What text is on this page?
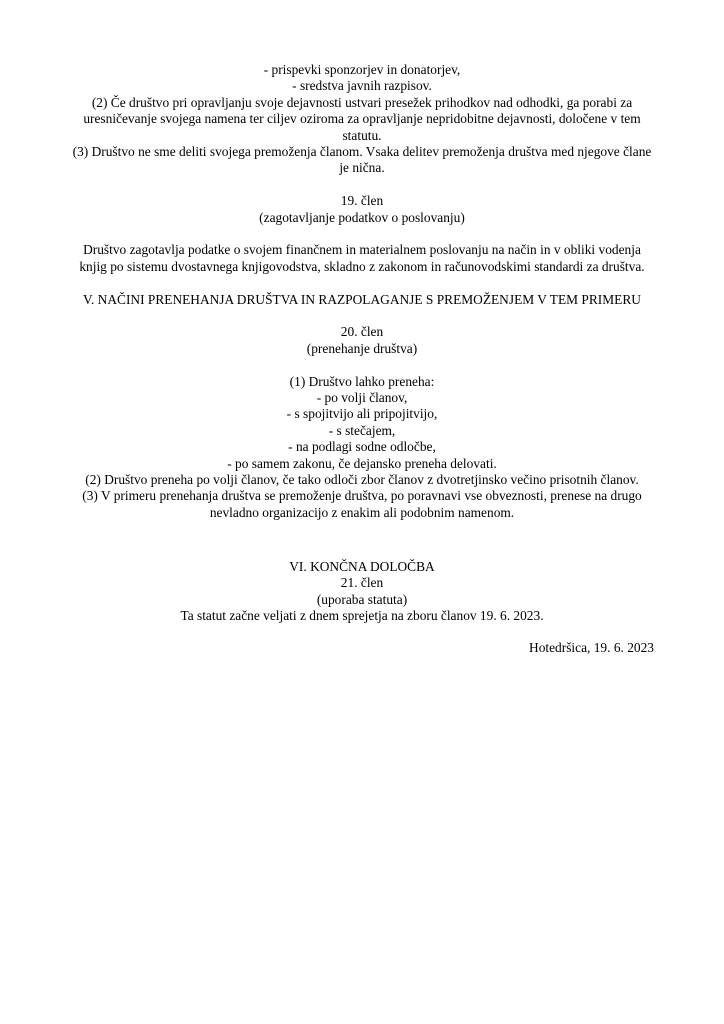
- prispevki sponzorjev in donatorjev,
- sredstva javnih razpisov.
(2) Če društvo pri opravljanju svoje dejavnosti ustvari presežek prihodkov nad odhodki, ga porabi za
uresničevanje svojega namena ter ciljev oziroma za opravljanje nepridobitne dejavnosti, določene v tem
statutu.
(3) Društvo ne sme deliti svojega premoženja članom. Vsaka delitev premoženja društva med njegove člane
je nična.
19. člen
(zagotavljanje podatkov o poslovanju)
Društvo zagotavlja podatke o svojem finančnem in materialnem poslovanju na način in v obliki vodenja
knjig po sistemu dvostavnega knjigovodstva, skladno z zakonom in računovodskimi standardi za društva.
V. NAČINI PRENEHANJA DRUŠTVA IN RAZPOLAGANJE S PREMOŽENJEM V TEM PRIMERU
20. člen
(prenehanje društva)
(1) Društvo lahko preneha:
- po volji članov,
- s spojitvijo ali pripojitvijo,
- s stečajem,
- na podlagi sodne odločbe,
- po samem zakonu, če dejansko preneha delovati.
(2) Društvo preneha po volji članov, če tako odloči zbor članov z dvotretjinsko večino prisotnih članov.
(3) V primeru prenehanja društva se premoženje društva, po poravnavi vse obveznosti, prenese na drugo
nevladno organizacijo z enakim ali podobnim namenom.
VI. KONČNA DOLOČBA
21. člen
(uporaba statuta)
Ta statut začne veljati z dnem sprejetja na zboru članov 19. 6. 2023.
Hotedršica, 19. 6. 2023
